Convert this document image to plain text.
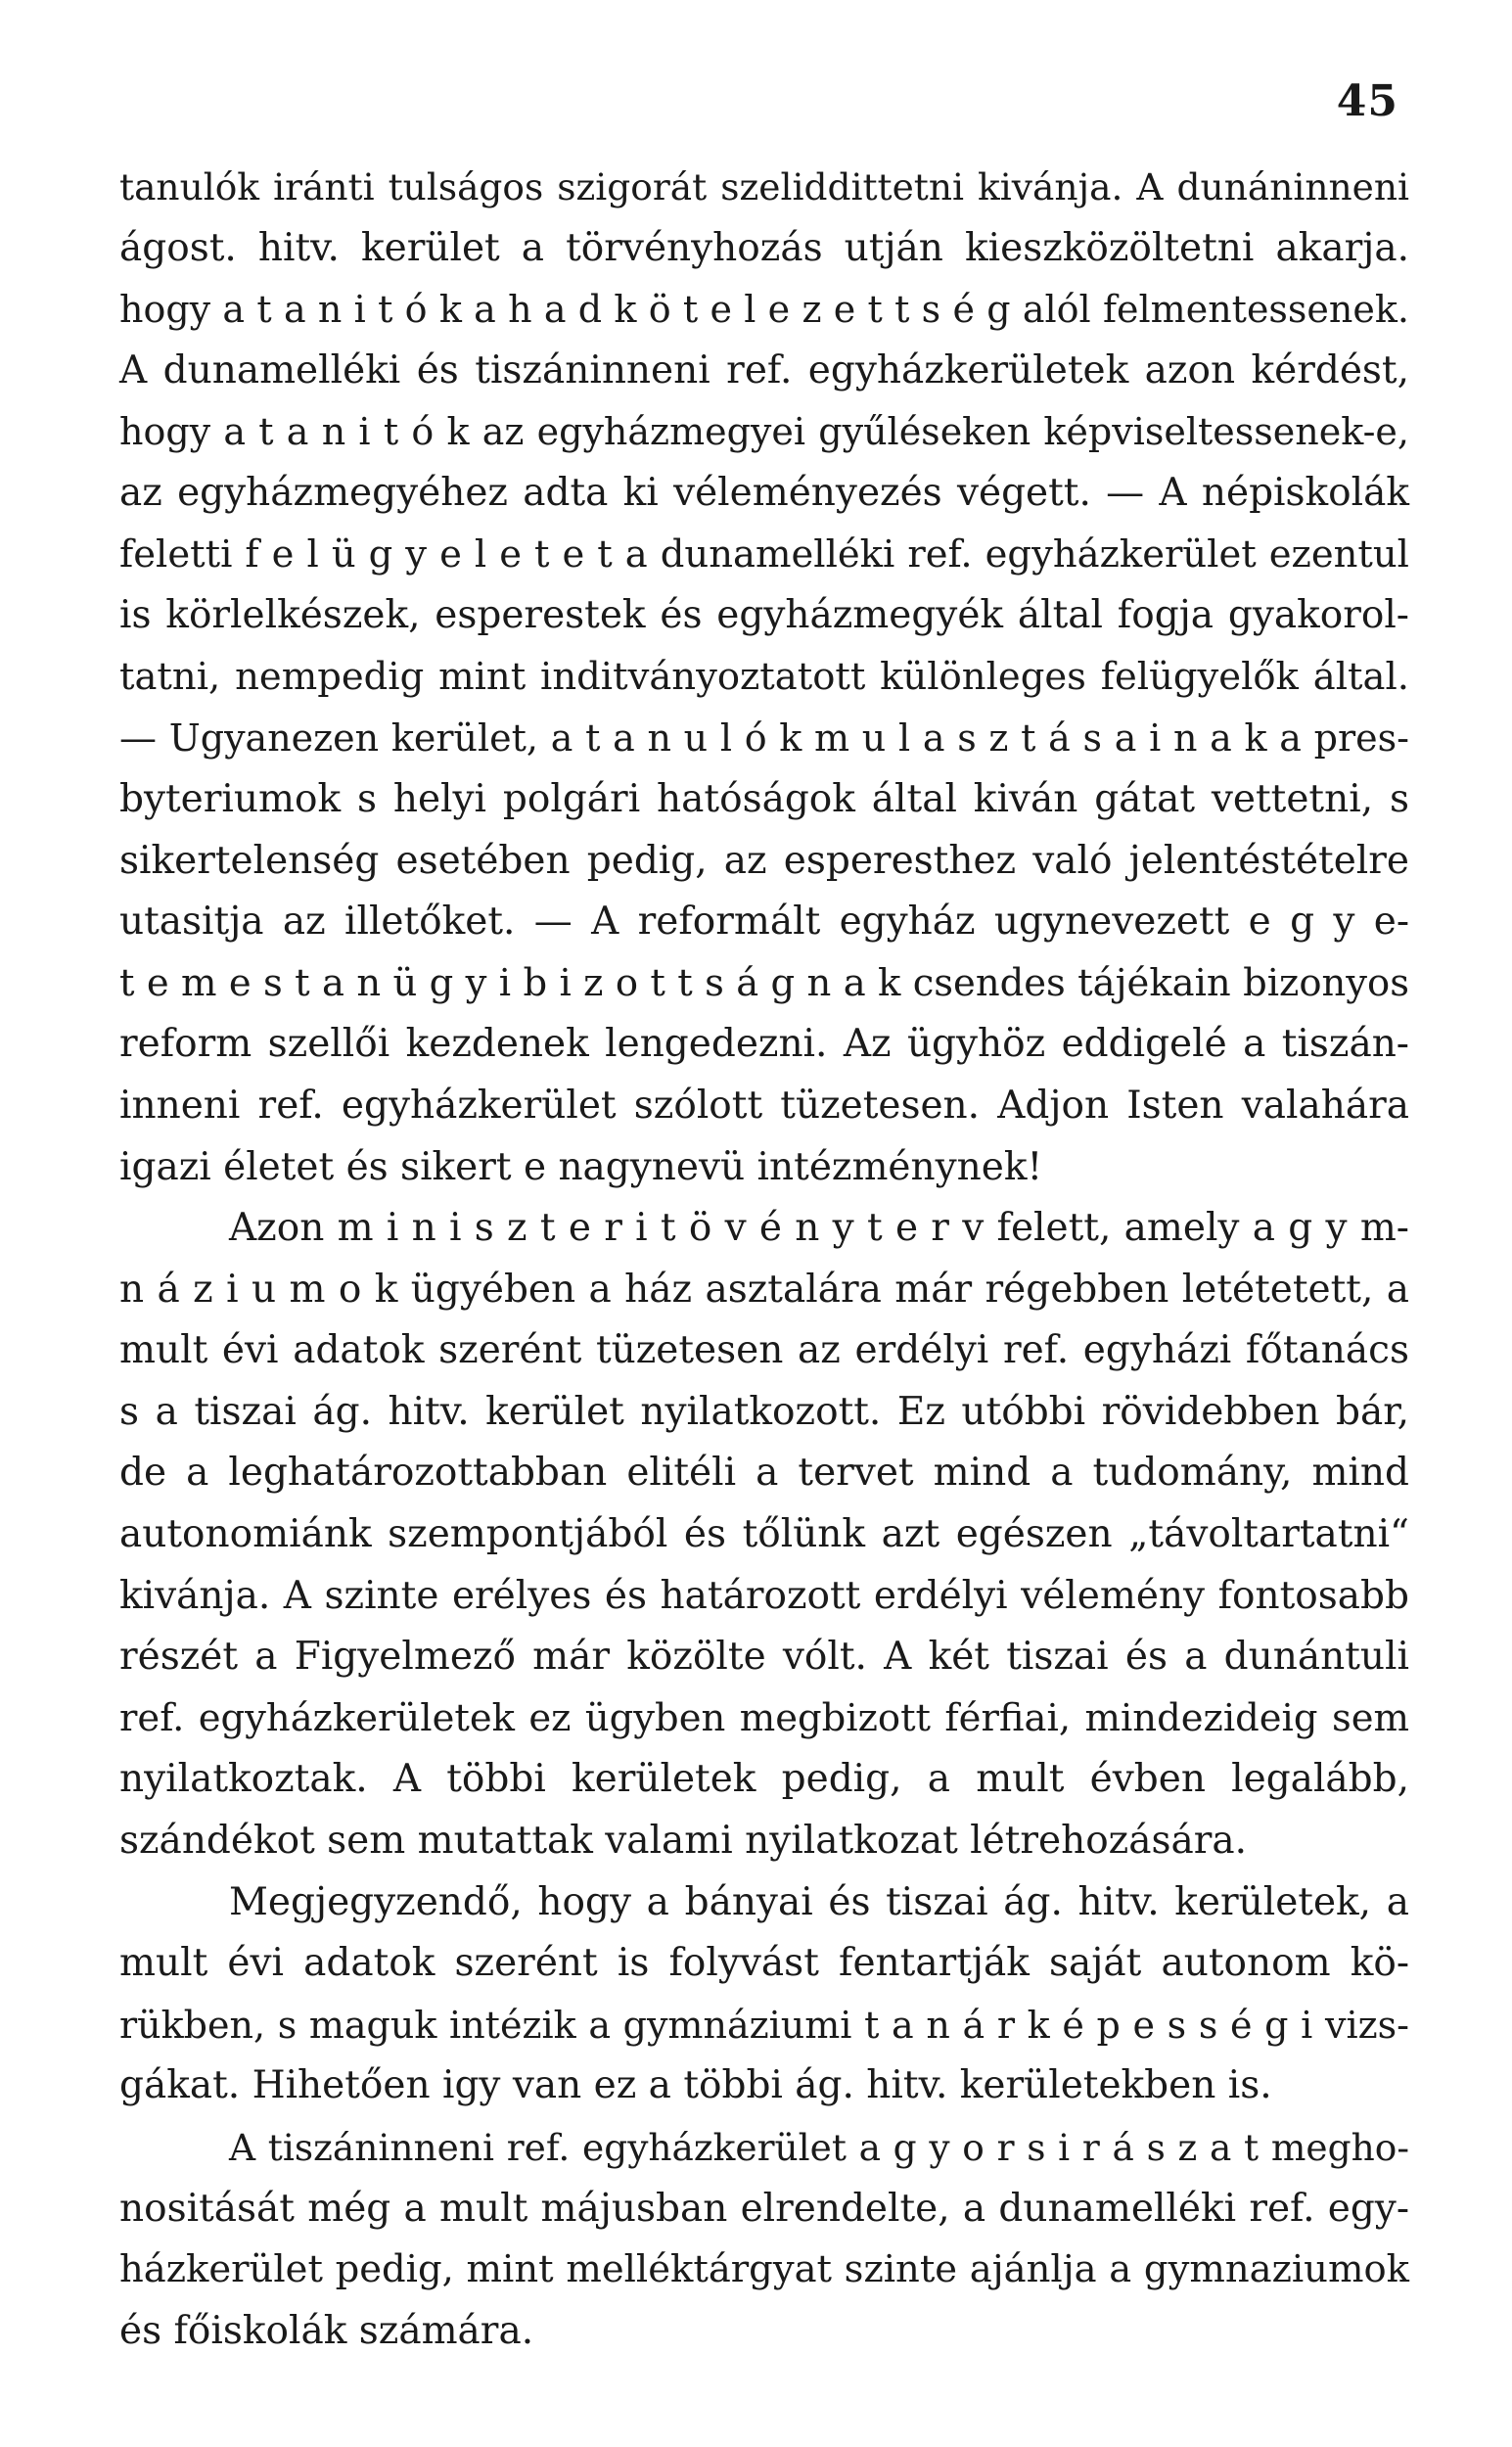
45
tanulók iránti tulságos szigorát szeliddittetni kivánja. A dunáninneni
ágost. hitv. kerület a törvényhozás utján kieszközöltetni akarja.
hogy a t a n i t ó k a h a d k ö t e l e z e t t s é g alól felmentessenek.
A dunamelléki és tiszáninneni ref. egyházkerületek azon kérdést,
hogy a t a n i t ó k az egyházmegyei gyűléseken képviseltessenek-e,
az egyházmegyéhez adta ki véleményezés végett. — A népiskolák
feletti f e l ü g y e l e t e t a dunamelléki ref. egyházkerület ezentul
is körlelkészek, esperestek és egyházmegyék által fogja gyakorol-
tatni, nempedig mint inditványoztatott különleges felügyelők által.
— Ugyanezen kerület, a t a n u l ó k m u l a s z t á s a i n a k a pres-
byteriumok s helyi polgári hatóságok által kiván gátat vettetni, s
sikertelenség esetében pedig, az esperesthez való jelentéstételre
utasitja az illetőket. — A reformált egyház ugynevezett e g y e-
t e m e s t a n ü g y i b i z o t t s á g n a k csendes tájékain bizonyos
reform szellői kezdenek lengedezni. Az ügyhöz eddigelé a tiszán-
inneni ref. egyházkerület szólott tüzetesen. Adjon Isten valahára
igazi életet és sikert e nagynevü intézménynek!
Azon m i n i s z t e r i t ö v é n y t e r v felett, amely a g y m-
n á z i u m o k ügyében a ház asztalára már régebben letétetett, a
mult évi adatok szerént tüzetesen az erdélyi ref. egyházi főtanács
s a tiszai ág. hitv. kerület nyilatkozott. Ez utóbbi rövidebben bár,
de a leghatározottabban elitéli a tervet mind a tudomány, mind
autonomiánk szempontjából és tőlünk azt egészen „távoltartatni“
kivánja. A szinte erélyes és határozott erdélyi vélemény fontosabb
részét a Figyelmező már közölte vólt. A két tiszai és a dunántuli
ref. egyházkerületek ez ügyben megbizott férfiai, mindezideig sem
nyilatkoztak. A többi kerületek pedig, a mult évben legalább,
szándékot sem mutattak valami nyilatkozat létrehozására.
Megjegyzendő, hogy a bányai és tiszai ág. hitv. kerületek, a
mult évi adatok szerént is folyvást fentartják saját autonom kö-
rükben, s maguk intézik a gymnáziumi t a n á r k é p e s s é g i vizs-
gákat. Hihetően igy van ez a többi ág. hitv. kerületekben is.
A tiszáninneni ref. egyházkerület a g y o r s i r á s z a t megho-
nositását még a mult májusban elrendelte, a dunamelléki ref. egy-
házkerület pedig, mint melléktárgyat szinte ajánlja a gymnaziumok
és főiskolák számára.
